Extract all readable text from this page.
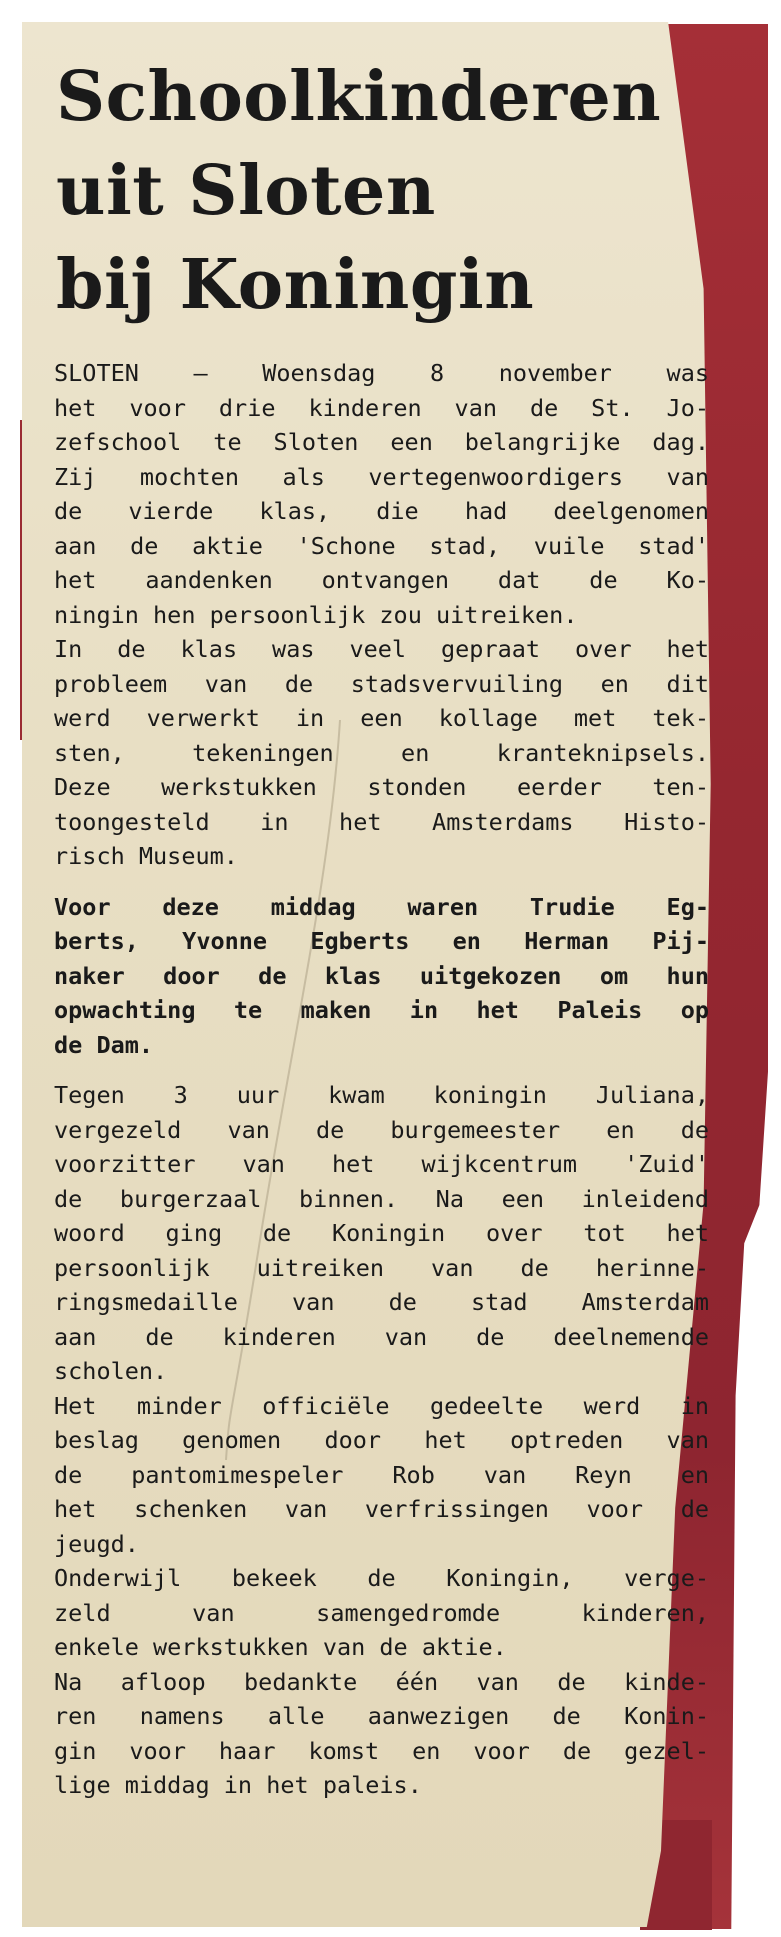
Schoolkinderen
uit Sloten
bij Koningin
SLOTEN — Woensdag 8 november was
het voor drie kinderen van de St. Jo-
zefschool te Sloten een belangrijke dag.
Zij mochten als vertegenwoordigers van
de vierde klas, die had deelgenomen
aan de aktie 'Schone stad, vuile stad'
het aandenken ontvangen dat de Ko-
ningin hen persoonlijk zou uitreiken.
In de klas was veel gepraat over het
probleem van de stadsvervuiling en dit
werd verwerkt in een kollage met tek-
sten, tekeningen en kranteknipsels.
Deze werkstukken stonden eerder ten-
toongesteld in het Amsterdams Histo-
risch Museum.
Voor deze middag waren Trudie Eg-
berts, Yvonne Egberts en Herman Pij-
naker door de klas uitgekozen om hun
opwachting te maken in het Paleis op
de Dam.
Tegen 3 uur kwam koningin Juliana,
vergezeld van de burgemeester en de
voorzitter van het wijkcentrum 'Zuid'
de burgerzaal binnen. Na een inleidend
woord ging de Koningin over tot het
persoonlijk uitreiken van de herinne-
ringsmedaille van de stad Amsterdam
aan de kinderen van de deelnemende
scholen.
Het minder officiële gedeelte werd in
beslag genomen door het optreden van
de pantomimespeler Rob van Reyn en
het schenken van verfrissingen voor de
jeugd.
Onderwijl bekeek de Koningin, verge-
zeld van samengedromde kinderen,
enkele werkstukken van de aktie.
Na afloop bedankte één van de kinde-
ren namens alle aanwezigen de Konin-
gin voor haar komst en voor de gezel-
lige middag in het paleis.
